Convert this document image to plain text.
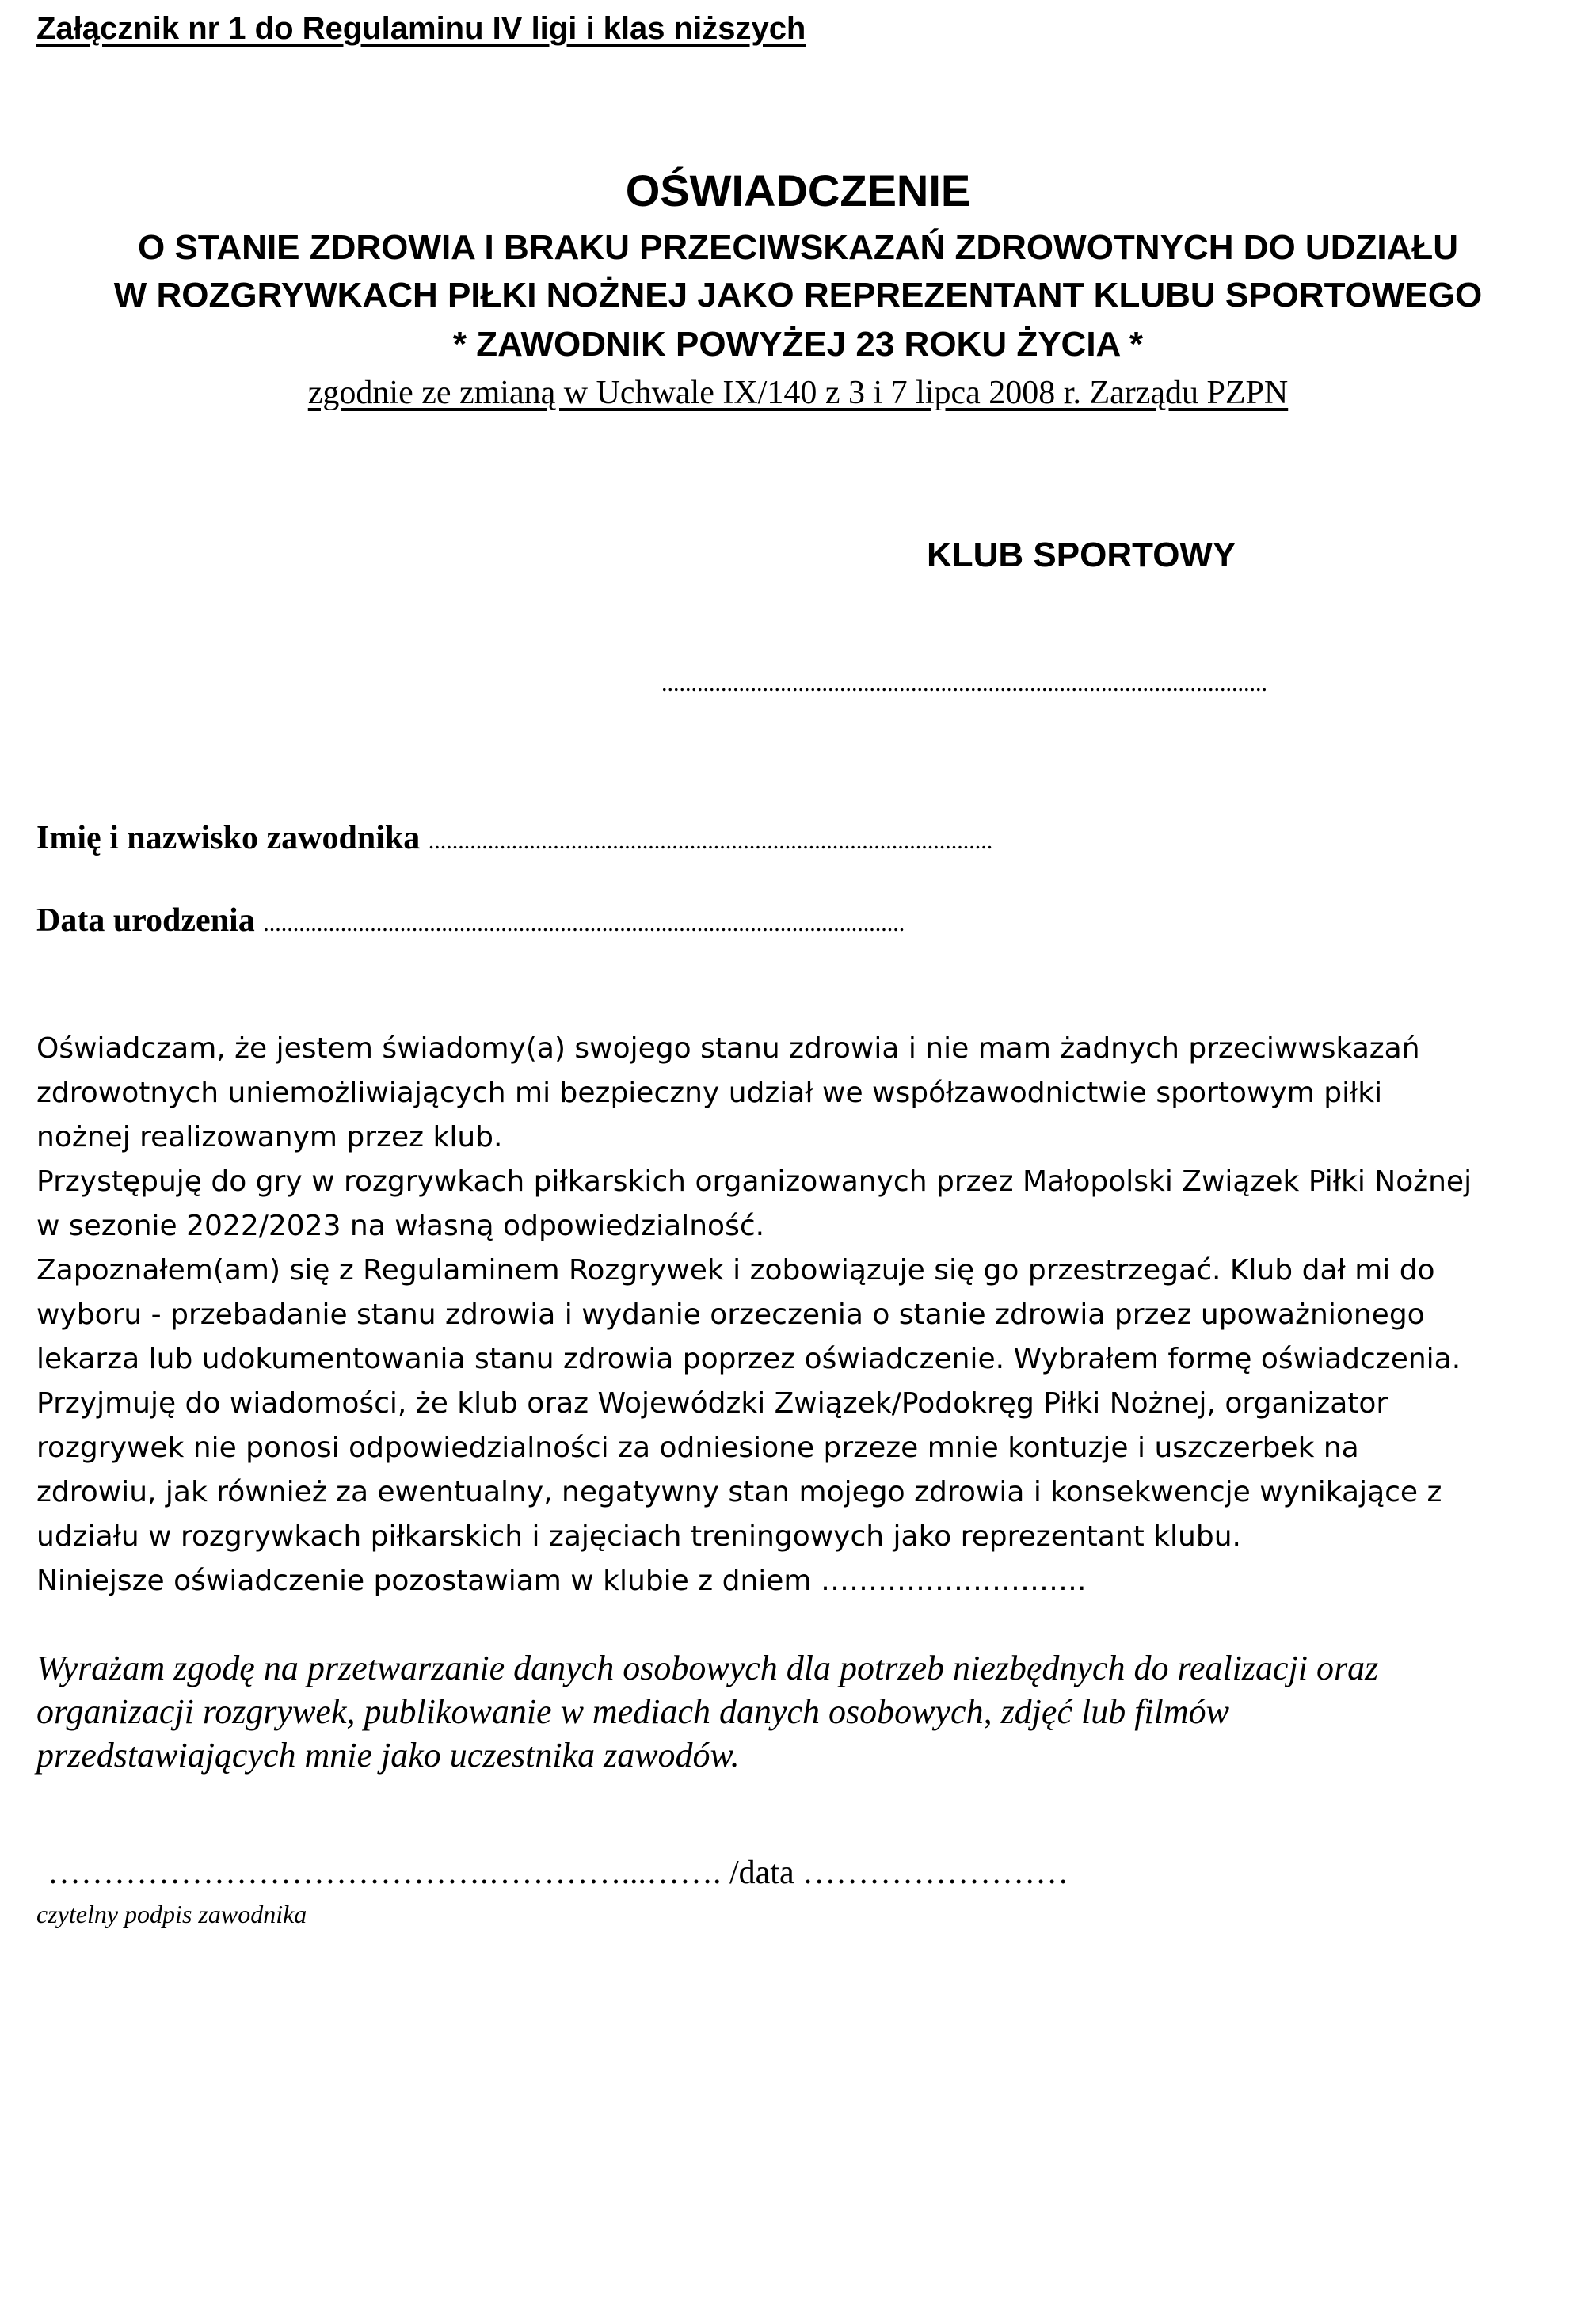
Załącznik nr 1 do Regulaminu IV ligi i klas niższych

OŚWIADCZENIE

O STANIE ZDROWIA I BRAKU PRZECIWSKAZAŃ ZDROWOTNYCH DO UDZIAŁU

W ROZGRYWKACH PIŁKI NOŻNEJ JAKO REPREZENTANT KLUBU SPORTOWEGO

* ZAWODNIK POWYŻEJ 23 ROKU ŻYCIA *

zgodnie ze zmianą w Uchwale IX/140 z 3 i 7 lipca 2008 r. Zarządu PZPN

KLUB SPORTOWY

......................................................................................................

Imię i nazwisko zawodnika ...............................................................................................

Data urodzenia ............................................................................................................

Oświadczam, że jestem świadomy(a) swojego stanu zdrowia i nie mam żadnych przeciwwskazań
zdrowotnych uniemożliwiających mi bezpieczny udział we współzawodnictwie sportowym piłki
nożnej realizowanym przez klub.
Przystępuję do gry w rozgrywkach piłkarskich organizowanych przez Małopolski Związek Piłki Nożnej
w sezonie 2022/2023 na własną odpowiedzialność.
Zapoznałem(am) się z Regulaminem Rozgrywek i zobowiązuje się go przestrzegać. Klub dał mi do
wyboru - przebadanie stanu zdrowia i wydanie orzeczenia o stanie zdrowia przez upoważnionego
lekarza lub udokumentowania stanu zdrowia poprzez oświadczenie. Wybrałem formę oświadczenia.
Przyjmuję do wiadomości, że klub oraz Wojewódzki Związek/Podokręg Piłki Nożnej, organizator
rozgrywek nie ponosi odpowiedzialności za odniesione przeze mnie kontuzje i uszczerbek na
zdrowiu, jak również za ewentualny, negatywny stan mojego zdrowia i konsekwencje wynikające z
udziału w rozgrywkach piłkarskich i zajęciach treningowych jako reprezentant klubu.
Niniejsze oświadczenie pozostawiam w klubie z dniem ……………………….
Wyrażam zgodę na przetwarzanie danych osobowych dla potrzeb niezbędnych do realizacji oraz
organizacji rozgrywek, publikowanie w mediach danych osobowych, zdjęć lub filmów
przedstawiających mnie jako uczestnika zawodów.

………………………………….…………...……. /data ……………………

czytelny podpis zawodnika
